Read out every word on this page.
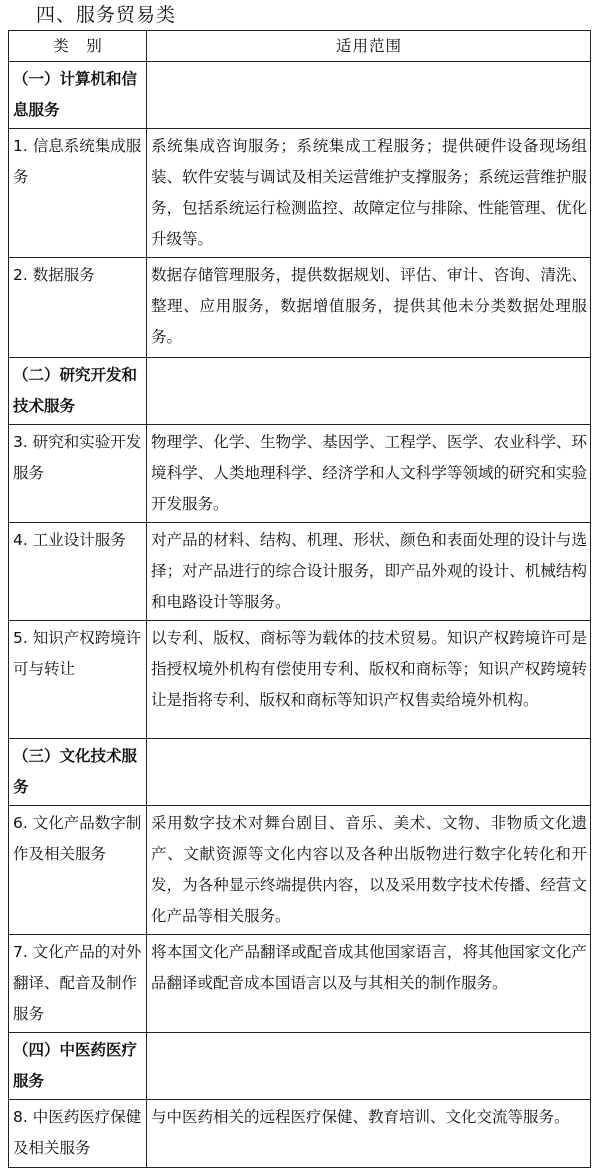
四、服务贸易类
类　别	适用范围
（一）计算机和信息服务	
1. 信息系统集成服务	系统集成咨询服务；系统集成工程服务；提供硬件设备现场组装、软件安装与调试及相关运营维护支撑服务；系统运营维护服务，包括系统运行检测监控、故障定位与排除、性能管理、优化升级等。
2. 数据服务	数据存储管理服务，提供数据规划、评估、审计、咨询、清洗、整理、应用服务，数据增值服务，提供其他未分类数据处理服务。
（二）研究开发和技术服务	
3. 研究和实验开发服务	物理学、化学、生物学、基因学、工程学、医学、农业科学、环境科学、人类地理科学、经济学和人文科学等领域的研究和实验开发服务。
4. 工业设计服务	对产品的材料、结构、机理、形状、颜色和表面处理的设计与选择；对产品进行的综合设计服务，即产品外观的设计、机械结构和电路设计等服务。
5. 知识产权跨境许可与转让	以专利、版权、商标等为载体的技术贸易。知识产权跨境许可是指授权境外机构有偿使用专利、版权和商标等；知识产权跨境转让是指将专利、版权和商标等知识产权售卖给境外机构。
（三）文化技术服务	
6. 文化产品数字制作及相关服务	采用数字技术对舞台剧目、音乐、美术、文物、非物质文化遗产、文献资源等文化内容以及各种出版物进行数字化转化和开发，为各种显示终端提供内容，以及采用数字技术传播、经营文化产品等相关服务。
7. 文化产品的对外翻译、配音及制作服务	将本国文化产品翻译或配音成其他国家语言，将其他国家文化产品翻译或配音成本国语言以及与其相关的制作服务。
（四）中医药医疗服务	
8. 中医药医疗保健及相关服务	与中医药相关的远程医疗保健、教育培训、文化交流等服务。
